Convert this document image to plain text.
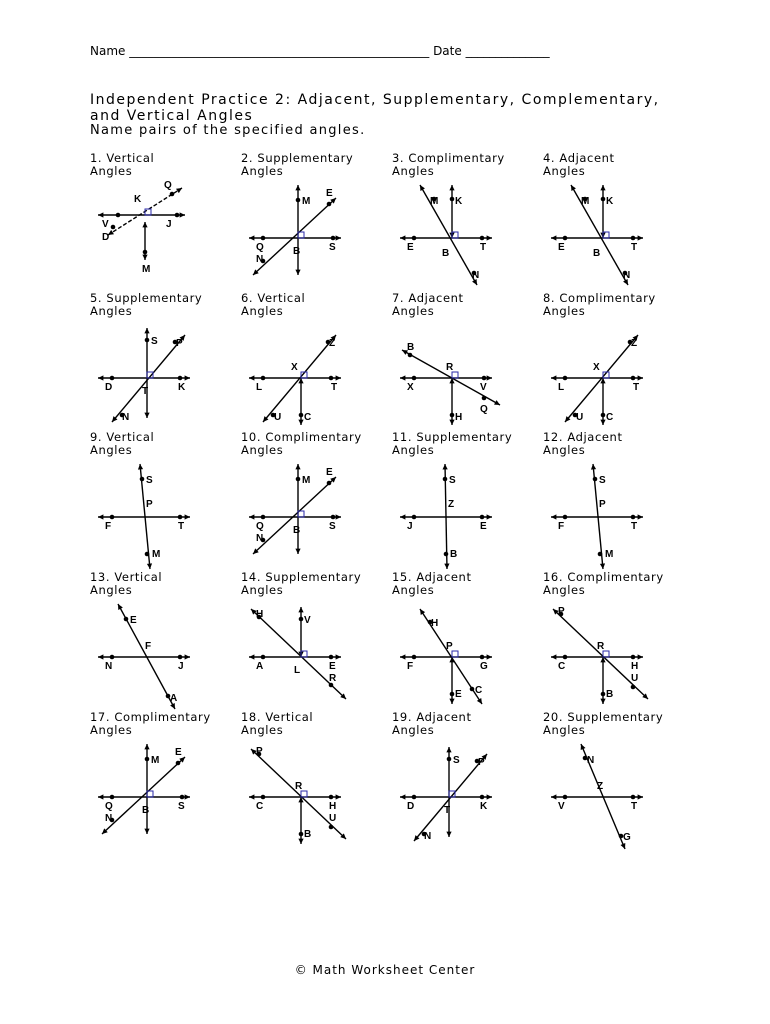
Name __________________________________________________ Date ______________
Independent Practice 2: Adjacent, Supplementary, Complementary,
and Vertical Angles
Name pairs of the specified angles.
1. Vertical
Angles
K
Q
V	J
D
M
2. Supplementary
Angles
M
E
Q
N
B	S
3. Complimentary
Angles
M K
E
B
T
N
4. Adjacent
Angles
M K
E
B
T
N
5. Supplementary
Angles
S P
D	T	K
N
6. Vertical
Angles
Z
X
L	T
U C
7. Adjacent
Angles
B
R
X	V
H
Q
8. Complimentary
Angles
Z
X
L	T
U C
9. Vertical
Angles
S
P
F	T
M
10. Complimentary
Angles
M
E
Q
N
B	S
11. Supplementary
Angles
S
Z
J	E
B
12. Adjacent
Angles
S
P
F	T
M
13. Vertical
Angles
E
F
N	J
A
14. Supplementary
Angles
H
V
A	L	E
R
15. Adjacent
Angles
H
P
F	G
E C
16. Complimentary
Angles
P
R
C	H
U
B
17. Complimentary
Angles
M
E
Q
N
B	S
18. Vertical
Angles
P
R
C	H
U
B
19. Adjacent
Angles
S P
D	T	K
N
20. Supplementary
Angles
N
Z
V	T
G
© Math Worksheet Center
